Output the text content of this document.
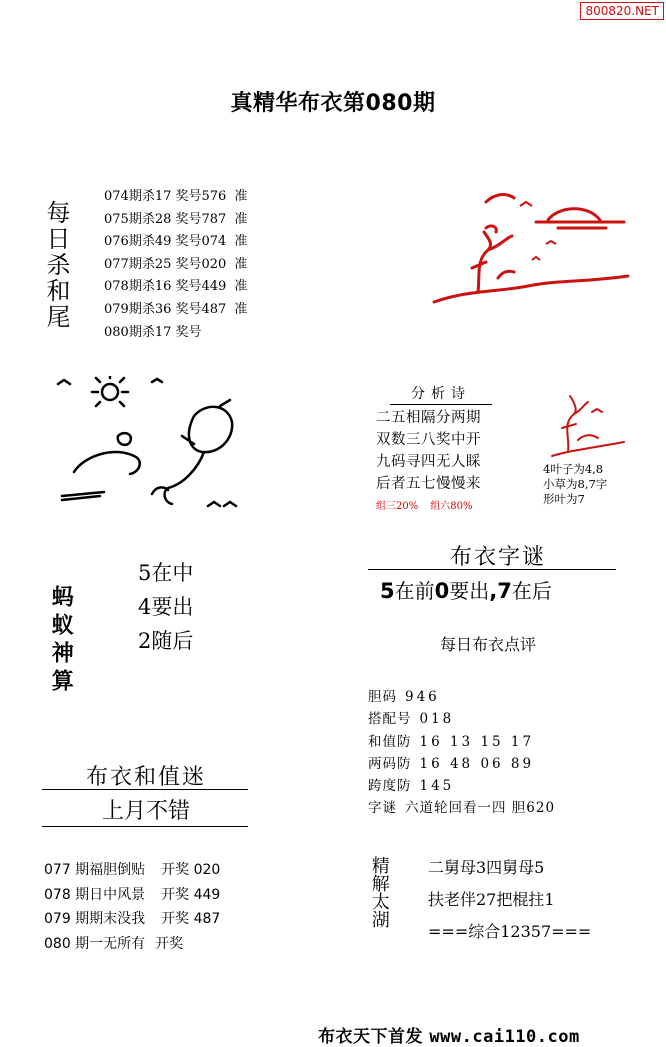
800820.NET
真精华布衣第080期
每日杀和尾
074期杀17 奖号576 准
075期杀28 奖号787 准
076期杀49 奖号074 准
077期杀25 奖号020 准
078期杀16 奖号449 准
079期杀36 奖号487 准
080期杀17 奖号
分析诗
二五相隔分两期
双数三八奖中开
九码寻四无人睬
后者五七慢慢来
组三20% 组六80%
4叶子为4,8
小草为8,7字
形叶为7
蚂蚁神算
5在中
4要出
2随后
布衣字谜
5在前0要出,7在后
每日布衣点评
胆码 946
搭配号 018
和值防 16 13 15 17
两码防 16 48 06 89
跨度防 145
字谜 六道轮回看一四 胆620
布衣和值迷
上月不错
077 期福胆倒贴 开奖 020
078 期日中风景 开奖 449
079 期期末没我 开奖 487
080 期一无所有 开奖
精解太湖 二舅母3四舅母5
扶老伴27把棍拄1
===综合12357===
布衣天下首发 www.cai110.com
